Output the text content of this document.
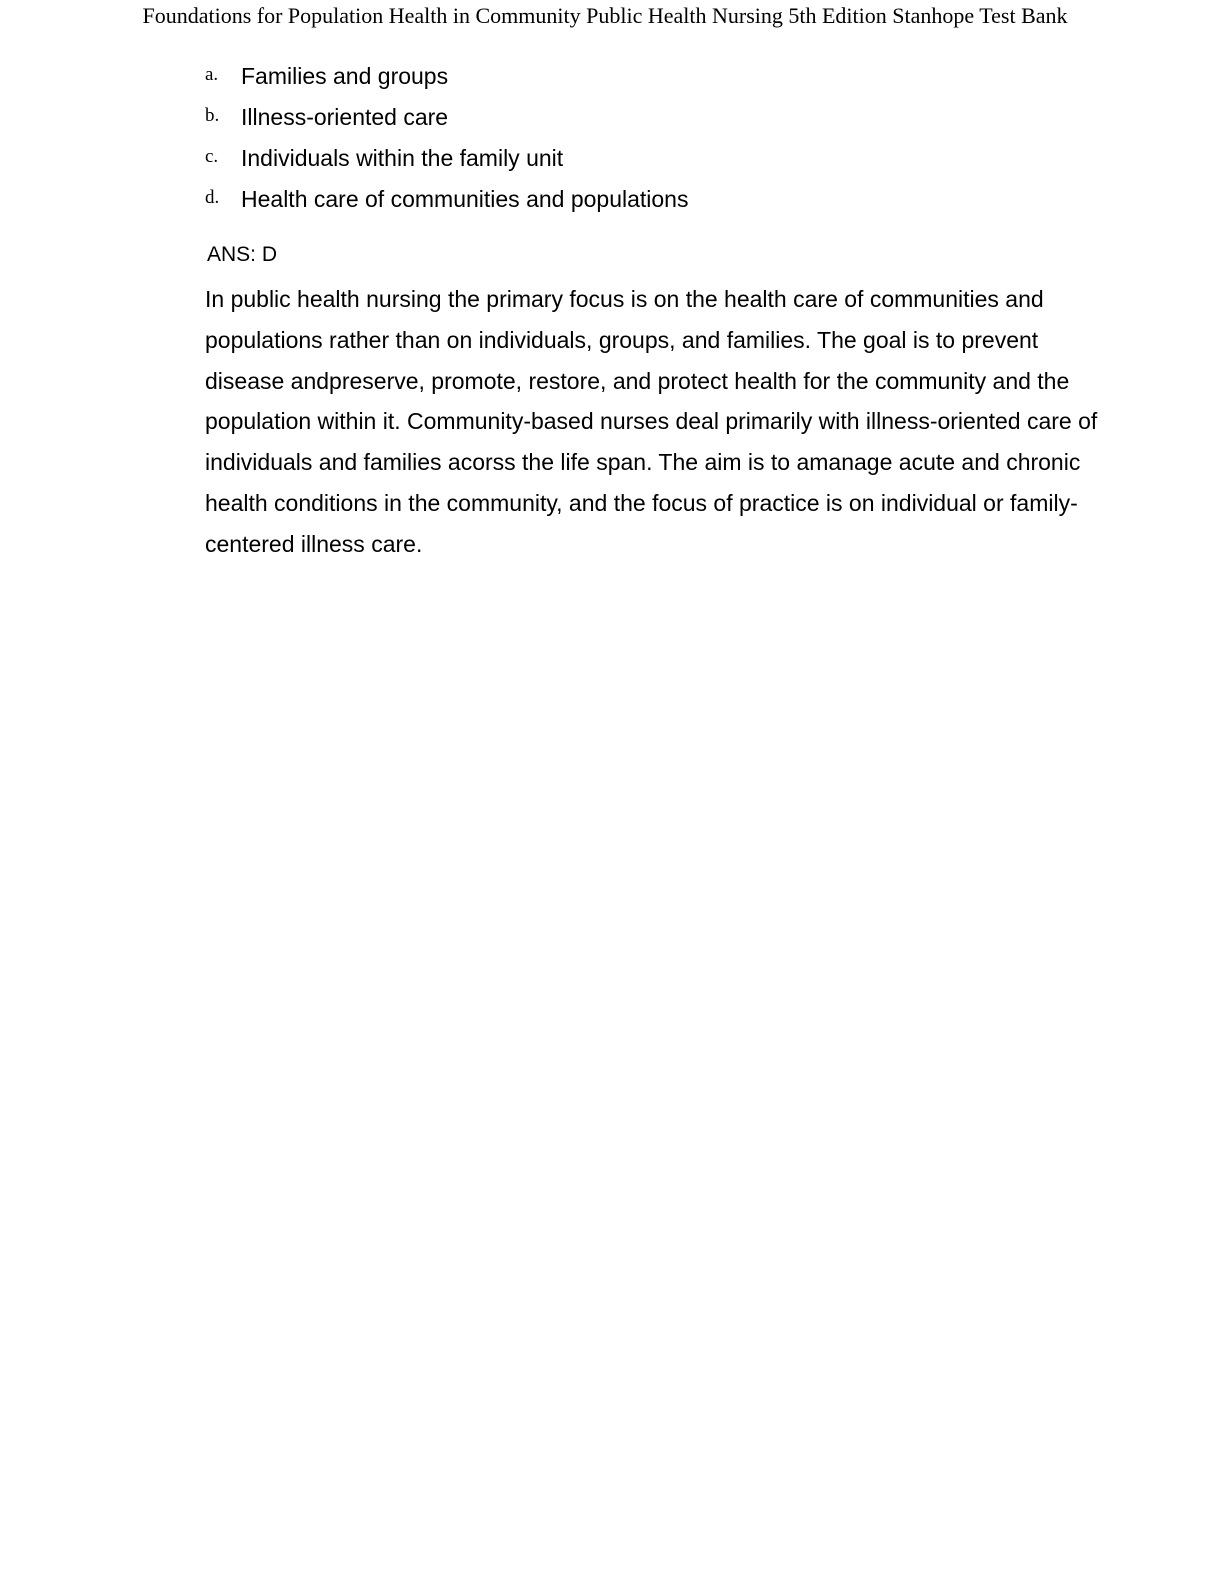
Foundations for Population Health in Community Public Health Nursing 5th Edition Stanhope Test Bank
a. Families and groups
b. Illness-oriented care
c. Individuals within the family unit
d. Health care of communities and populations
ANS: D

In public health nursing the primary focus is on the health care of communities and populations rather than on individuals, groups, and families. The goal is to prevent disease andpreserve, promote, restore, and protect health for the community and the population within it. Community-based nurses deal primarily with illness-oriented care of individuals and families acorss the life span. The aim is to amanage acute and chronic health conditions in the community, and the focus of practice is on individual or family-centered illness care.
